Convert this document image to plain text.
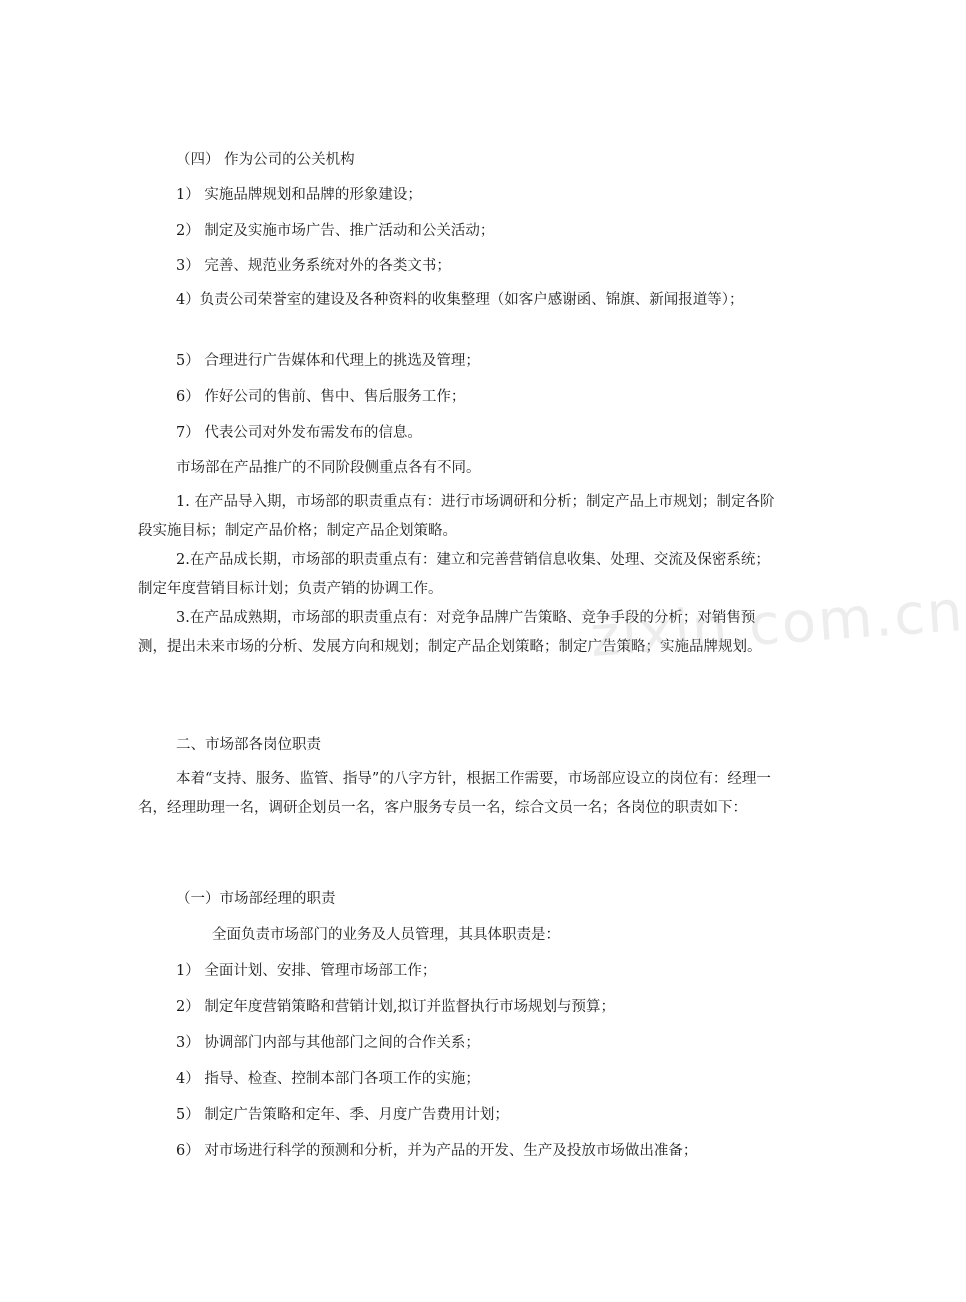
（四） 作为公司的公关机构
1） 实施品牌规划和品牌的形象建设；
2） 制定及实施市场广告、推广活动和公关活动；
3） 完善、规范业务系统对外的各类文书；
4）负责公司荣誉室的建设及各种资料的收集整理（如客户感谢函、锦旗、新闻报道等）；
5） 合理进行广告媒体和代理上的挑选及管理；
6） 作好公司的售前、售中、售后服务工作；
7） 代表公司对外发布需发布的信息。
市场部在产品推广的不同阶段侧重点各有不同。
1. 在产品导入期，市场部的职责重点有：进行市场调研和分析；制定产品上市规划；制定各阶段实施目标；制定产品价格；制定产品企划策略。
2.在产品成长期，市场部的职责重点有：建立和完善营销信息收集、处理、交流及保密系统；制定年度营销目标计划；负责产销的协调工作。
3.在产品成熟期，市场部的职责重点有：对竞争品牌广告策略、竞争手段的分析；对销售预测，提出未来市场的分析、发展方向和规划；制定产品企划策略；制定广告策略；实施品牌规划。
二、市场部各岗位职责
本着“支持、服务、监管、指导”的八字方针，根据工作需要，市场部应设立的岗位有：经理一名，经理助理一名，调研企划员一名，客户服务专员一名，综合文员一名；各岗位的职责如下：
（一）市场部经理的职责
全面负责市场部门的业务及人员管理，其具体职责是：
1） 全面计划、安排、管理市场部工作；
2） 制定年度营销策略和营销计划,拟订并监督执行市场规划与预算；
3） 协调部门内部与其他部门之间的合作关系；
4） 指导、检查、控制本部门各项工作的实施；
5） 制定广告策略和定年、季、月度广告费用计划；
6） 对市场进行科学的预测和分析，并为产品的开发、生产及投放市场做出准备；
zixin.com.cn
